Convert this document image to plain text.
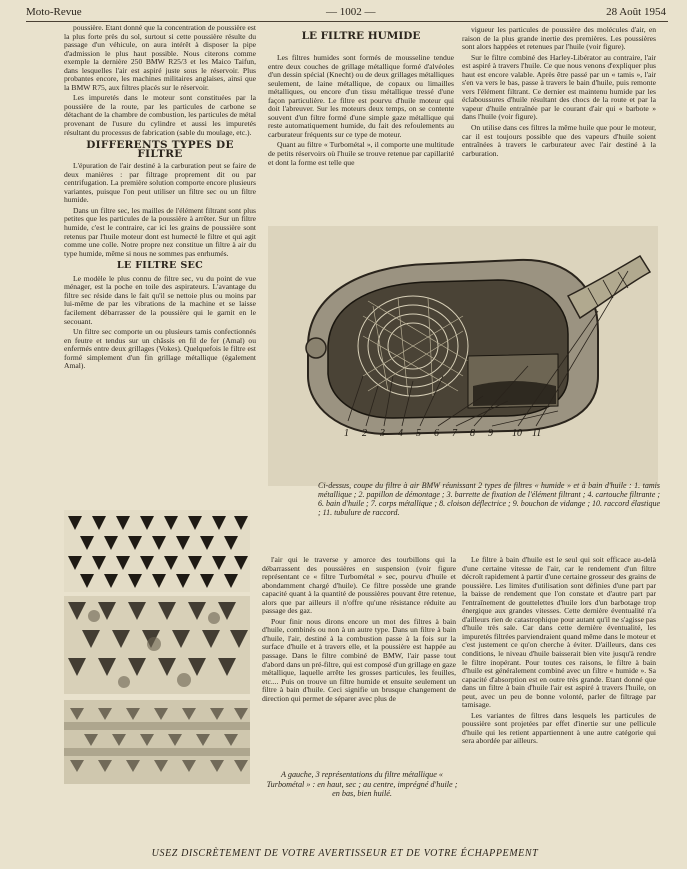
Moto-Revue	— 1002 —	28 Août 1954

poussière. Etant donné que la concentration de poussière est la plus forte près du sol, surtout si cette poussière résulte du passage d'un véhicule, on aura intérêt à disposer la pipe d'admission le plus haut possible. Nous citerons comme exemple la dernière 250 BMW R25/3 et les Maico Taifun, dans lesquelles l'air est aspiré juste sous le réservoir. Plus probantes encore, les machines militaires anglaises, ainsi que la BMW R75, aux filtres placés sur le réservoir.

Les impuretés dans le moteur sont constituées par la poussière de la route, par les particules de carbone se détachant de la chambre de combustion, les particules de métal provenant de l'usure du cylindre et aussi les impuretés résultant du processus de fabrication (sable du moulage, etc.).

DIFFERENTS TYPES DE FILTRE

L'épuration de l'air destiné à la carburation peut se faire de deux manières : par filtrage proprement dit ou par centrifugation. La première solution comporte encore plusieurs variantes, puisque l'on peut utiliser un filtre sec ou un filtre humide.

Dans un filtre sec, les mailles de l'élément filtrant sont plus petites que les particules de la poussière à arrêter. Sur un filtre humide, c'est le contraire, car ici les grains de poussière sont retenus par l'huile moteur dont est humecté le filtre et qui agit comme une colle. Notre propre nez constitue un filtre à air du type humide, même si nous ne sommes pas enrhumés.

LE FILTRE SEC

Le modèle le plus connu de filtre sec, vu du point de vue ménager, est la poche en toile des aspirateurs. L'avantage du filtre sec réside dans le fait qu'il se nettoie plus ou moins par lui-même de par les vibrations de la machine et se laisse facilement débarrasser de la poussière qui le garnit en le secouant.

Un filtre sec comporte un ou plusieurs tamis confectionnés en feutre et tendus sur un châssis en fil de fer (Amal) ou enfermés entre deux grillages (Vokes). Quelquefois le filtre est formé simplement d'un fin grillage métallique (également Amal).

LE FILTRE HUMIDE

Les filtres humides sont formés de mousseline tendue entre deux couches de grillage métallique formé d'alvéoles d'un dessin spécial (Knecht) ou de deux grillages métalliques seulement, de laine métallique, de copaux ou limailles métalliques, ou encore d'un tissu métallique tressé d'une façon particulière. Le filtre est pourvu d'huile moteur qui doit l'abreuver. Sur les moteurs deux temps, on se contente souvent d'un filtre formé d'une simple gaze métallique qui reste automatiquement humide, du fait des refoulements au carburateur fréquents sur ce type de moteur.

Quant au filtre « Turbométal », il comporte une multitude de petits réservoirs où l'huile se trouve retenue par capillarité et dont la forme est telle que

vigueur les particules de poussière des molécules d'air, en raison de la plus grande inertie des premières. Les poussières sont alors happées et retenues par l'huile (voir figure).

Sur le filtre combiné des Harley-Libérator au contraire, l'air est aspiré à travers l'huile. Ce que nous venons d'expliquer plus haut est encore valable. Après être passé par un « tamis », l'air s'en va vers le bas, passe à travers le bain d'huile, puis remonte vers l'élément filtrant. Ce dernier est maintenu humide par les éclaboussures d'huile résultant des chocs de la route et par la vapeur d'huile entraînée par le courant d'air qui « barbote » dans l'huile (voir figure).

On utilise dans ces filtres la même huile que pour le moteur, car il est toujours possible que des vapeurs d'huile soient entraînées à travers le carburateur avec l'air destiné à la carburation.

1 2 3 4 5 6 7 8 9 10 11
Ci-dessus, coupe du filtre à air BMW réunissant 2 types de filtres « humide » et à bain d'huile : 1. tamis métallique ; 2. papillon de démontage ; 3. barrette de fixation de l'élément filtrant ; 4. cartouche filtrante ; 6. bain d'huile ; 7. corps métallique ; 8. cloison déflectrice ; 9. bouchon de vidange ; 10. raccord élastique ; 11. tubulure de raccord.

l'air qui le traverse y amorce des tourbillons qui la débarrassent des poussières en suspension (voir figure représentant ce « filtre Turbométal » sec, pourvu d'huile et abondamment chargé d'huile). Ce filtre possède une grande capacité quant à la quantité de poussières pouvant être retenue, alors que par ailleurs il n'offre qu'une résistance réduite au passage des gaz.

Pour finir nous dirons encore un mot des filtres à bain d'huile, combinés ou non à un autre type. Dans un filtre à bain d'huile, l'air, destiné à la combustion passe à la fois sur la surface d'huile et à travers elle, et la poussière est happée au passage. Dans le filtre combiné de BMW, l'air passe tout d'abord dans un pré-filtre, qui est composé d'un grillage en gaze métallique, laquelle arrête les grosses particules, les feuilles, etc.... Puis on trouve un filtre humide et ensuite seulement un filtre à bain d'huile. Ceci signifie un brusque changement de direction qui permet de séparer avec plus de

A gauche, 3 représentations du filtre métallique « Turbométal » : en haut, sec ; au centre, imprégné d'huile ; en bas, bien huilé.

Le filtre à bain d'huile est le seul qui soit efficace au-delà d'une certaine vitesse de l'air, car le rendement d'un filtre décroît rapidement à partir d'une certaine grosseur des grains de poussière. Les limites d'utilisation sont définies d'une part par la baisse de rendement que l'on constate et d'autre part par l'entraînement de gouttelettes d'huile lors d'un barbotage trop énergique aux grandes vitesses. Cette dernière éventualité n'a d'ailleurs rien de catastrophique pour autant qu'il ne s'agisse pas d'huile très sale. Car dans cette dernière éventualité, les impuretés filtrées parviendraient quand même dans le moteur et c'est justement ce qu'on cherche à éviter. D'ailleurs, dans ces conditions, le niveau d'huile baisserait bien vite jusqu'à rendre le filtre inopérant. Pour toutes ces raisons, le filtre à bain d'huile est généralement combiné avec un filtre « humide ». Sa capacité d'absorption est en outre très grande. Etant donné que dans un filtre à bain d'huile l'air est aspiré à travers l'huile, on peut, avec un peu de bonne volonté, parler de filtrage par tamisage.

Les variantes de filtres dans lesquels les particules de poussière sont projetées par effet d'inertie sur une pellicule d'huile qui les retient appartiennent à une autre catégorie qui sera abordée par ailleurs.

USEZ DISCRÈTEMENT DE VOTRE AVERTISSEUR ET DE VOTRE ÉCHAPPEMENT
